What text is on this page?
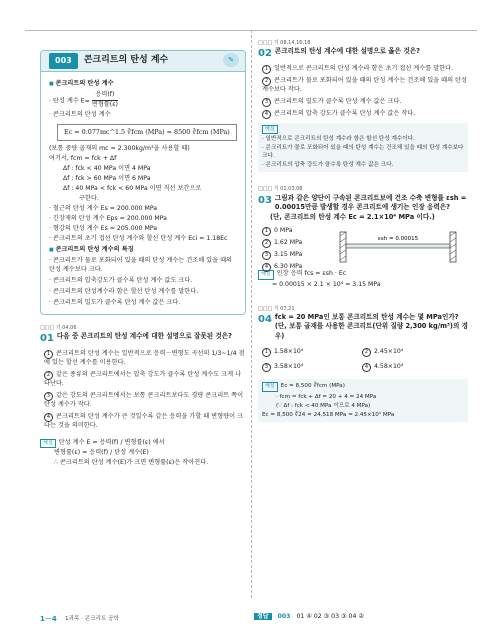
003	콘크리트의 탄성 계수	✎
■ 콘크리트의 탄성 계수
· 탄성 계수 $E= \frac{\text{응력(f)}}{\text{변형률(ε)}}$
· 콘크리트의 탄성 계수
Ec = 0.077mc^1.5 ∛fcm (MPa) = 8500 ∛fcm (MPa)
(보통 중량 골재의 mc = 2.300kg/m³을 사용할 때)
여기서, fcm = fck + Δf
Δf : fck < 40 MPa 이면 4 MPa
Δf : fck > 60 MPa 이면 6 MPa
Δf : 40 MPa < fck < 60 MPa 이면 직선 보간으로
구한다.
· 철근의 탄성 계수 Es = 200.000 MPa
· 긴장재의 탄성 계수 Eps = 200.000 MPa
· 형강의 탄성 계수 Es = 205.000 MPa
· 콘크리트의 초기 접선 탄성 계수와 할선 탄성 계수 Eci = 1.18Ec
■ 콘크리트의 탄성 계수의 특징
· 콘크리트가 물로 포화되어 있을 때의 탄성 계수는 건조해 있을 때의 탄성 계수보다 크다.
· 콘크리트의 압축강도가 클수록 탄성 계수 값도 크다.
· 콘크리트의 탄성계수라 함은 할선 탄성 계수를 말한다.
· 콘크리트의 밀도가 클수록 탄성 계수 값은 크다.
□□□ 기 04,06
01 다음 중 콘크리트의 탄성 계수에 대한 설명으로 잘못된 것은?
1 콘크리트의 탄성 계수는 일반적으로 응력－변형도 곡선의 1/3~1/4 점에 있는 할선 계수를 이용한다.
2 같은 종류의 콘크리트에서는 압축 강도가 클수록 탄성 계수도 크게 나타난다.
3 같은 강도의 콘크리트에서는 보통 콘크리트보다도 경량 콘크리트 쪽이 탄성 계수가 작다.
4 콘크리트의 탄성 계수가 큰 것일수록 같은 응력을 가할 때 변형량이 크다는 것을 의미한다.
해설 탄성 계수 E = 응력(f) / 변형률(ε) 에서
변형률(ε) = 응력(f) / 탄성 계수(E)
∴ 콘크리트의 탄성 계수(E)가 크면 변형률(ε)은 작아진다.
□□□ 기 08,14,16,18
02 콘크리트의 탄성 계수에 대한 설명으로 옳은 것은?
1 일반적으로 콘크리트의 탄성 계수라 함은 초기 접선 계수를 말한다.
2 콘크리트가 물로 포화되어 있을 때의 탄성 계수는 건조해 있을 때의 탄성 계수보다 작다.
3 콘크리트의 밀도가 클수록 탄성 계수 값은 크다.
4 콘크리트의 압축 강도가 클수록 탄성 계수 값은 작다.
해설
· 일반적으로 콘크리트의 탄성 계수라 함은 할선 탄성 계수이다.
· 콘크리트가 물로 포화되어 있을 때의 탄성 계수는 건조해 있을 때의 탄성 계수보다 크다.
· 콘크리트의 압축 강도가 클수록 탄성 계수 값은 크다.
□□□ 기 01,03,08
03 그림과 같은 양단이 구속된 콘크리트보에 건조 수축 변형률 εsh = 0.00015만큼 발생할 경우 콘크리트에 생기는 인장 응력은?
(단, 콘크리트의 탄성 계수 Ec = 2.1×10⁴ MPa 이다.)
1 0 MPa
2 1.62 MPa
3 3.15 MPa
4 6.30 MPa
εsh = 0.00015
해설 인장 응력 fcs = εsh · Ec
= 0.00015 × 2.1 × 10⁴ = 3.15 MPa
□□□ 기 07,21
04 fck = 20 MPa인 보통 콘크리트의 탄성 계수는 몇 MPa인가? (단, 보통 골재를 사용한 콘크리트(단위 질량 2,300 kg/m³)의 경우)
1 1.58×10⁴	2 2.45×10⁴
3 3.58×10⁴	4 4.58×10⁴
해설 Ec = 8,500 ∛fcm (MPa)
· fcm = fck + Δf = 20 + 4 = 24 MPa
(∵ Δf : fck < 40 MPa 이므로 4 MPa)
Ec = 8,500 ∛24 = 24,518 MPa = 2.45×10⁴ MPa
1－4 1과목 · 콘크리트 공학	정답 003 01 ④ 02 ③ 03 ③ 04 ②
